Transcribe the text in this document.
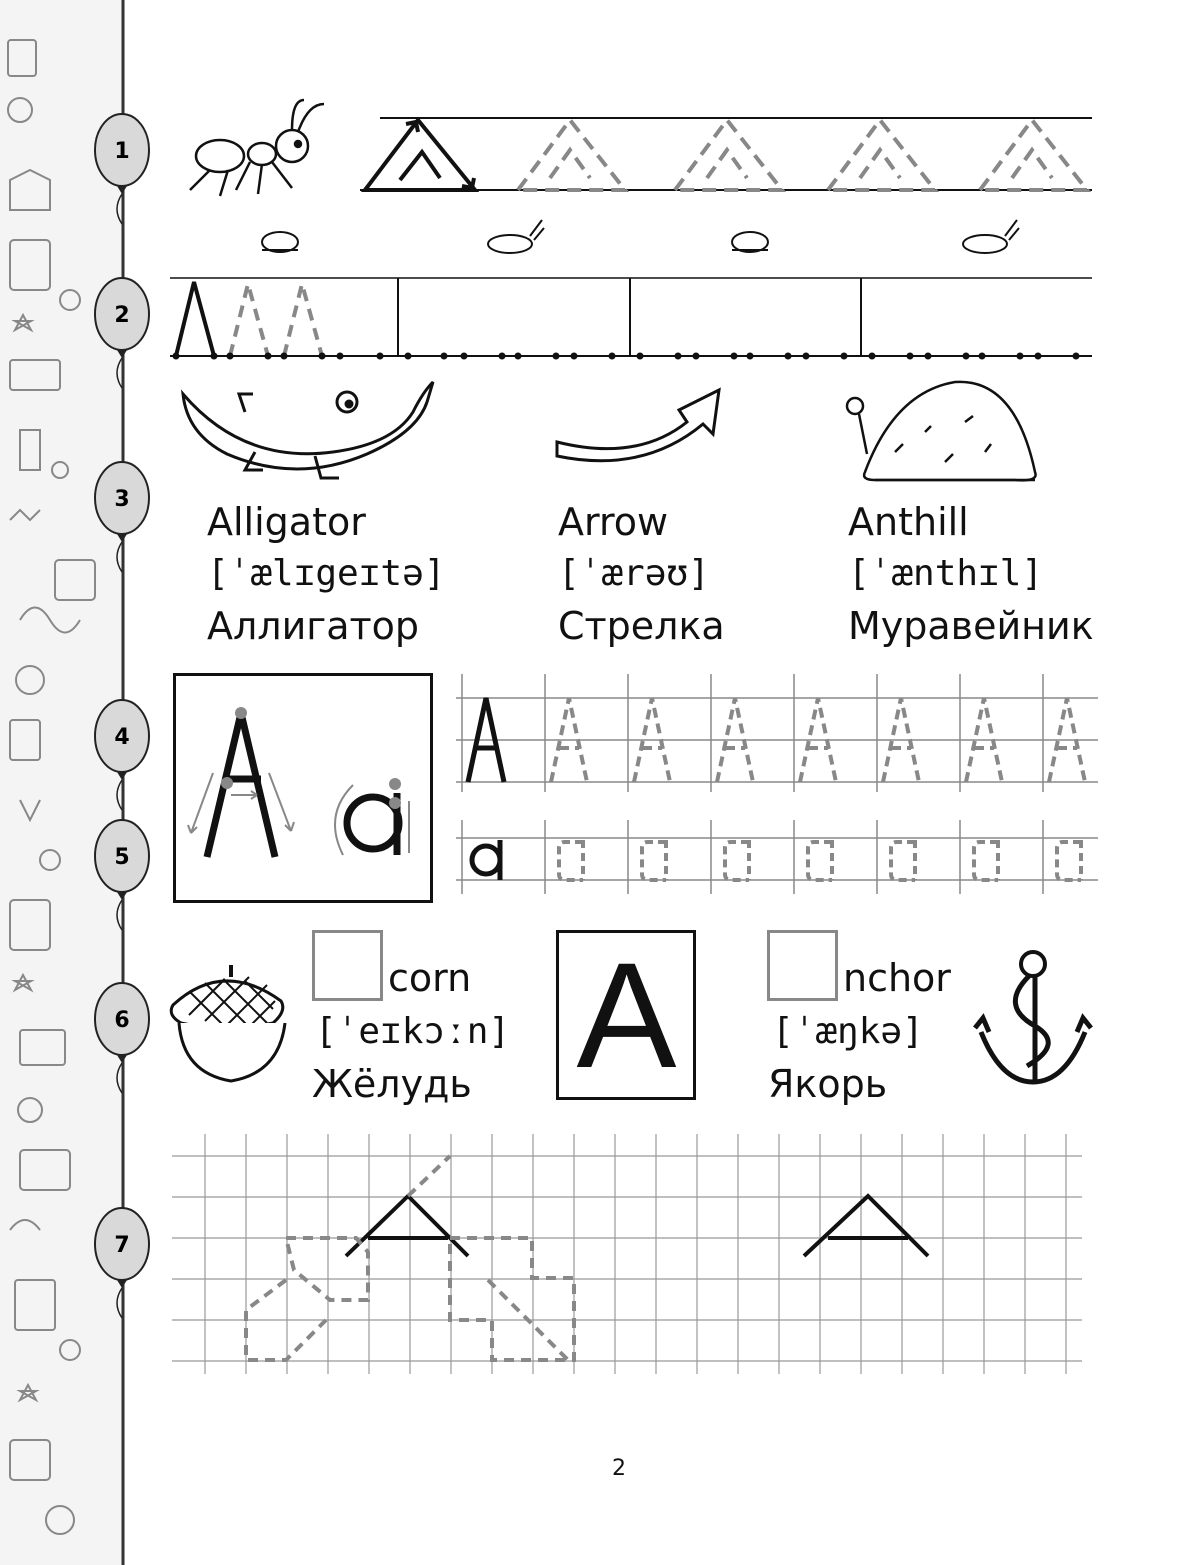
1
2
3
4
5
6
7
Alligator
[ˈælɪgeɪtə]
Аллигатор
Arrow
[ˈærəʊ]
Стрелка
Anthill
[ˈænthɪl]
Муравейник
corn
[ˈeɪkɔːn]
Жёлудь A	nchor
[ˈæŋkə]
Якорь
2
